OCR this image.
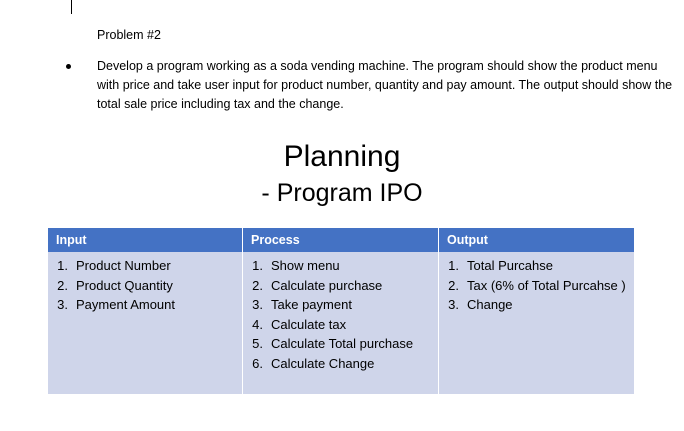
Problem #2
Develop a program working as a soda vending machine. The program should show the product menu with price and take user input for product number, quantity and pay amount. The output should show the total sale price including tax and the change.
Planning
- Program IPO
Input	Process	Output
1. Product Number
2. Product Quantity
3. Payment Amount
1. Show menu
2. Calculate purchase
3. Take payment
4. Calculate tax
5. Calculate Total purchase
6. Calculate Change
1. Total Purcahse
2. Tax (6% of Total Purcahse )
3. Change
